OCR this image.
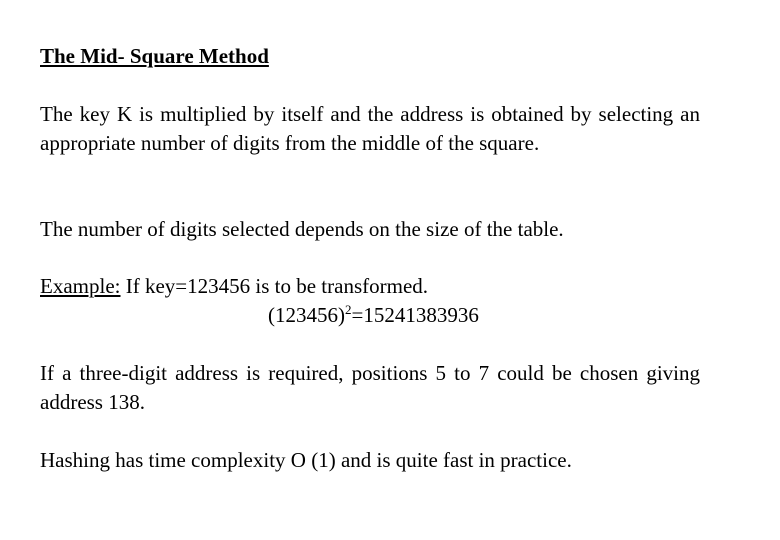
The Mid- Square Method

The key K is multiplied by itself and the address is obtained by selecting an appropriate number of digits from the middle of the square.

The number of digits selected depends on the size of the table.

Example: If key=123456 is to be transformed.
$(123456)^2=15241383936$

If a three-digit address is required, positions 5 to 7 could be chosen giving address 138.

Hashing has time complexity O (1) and is quite fast in practice.
